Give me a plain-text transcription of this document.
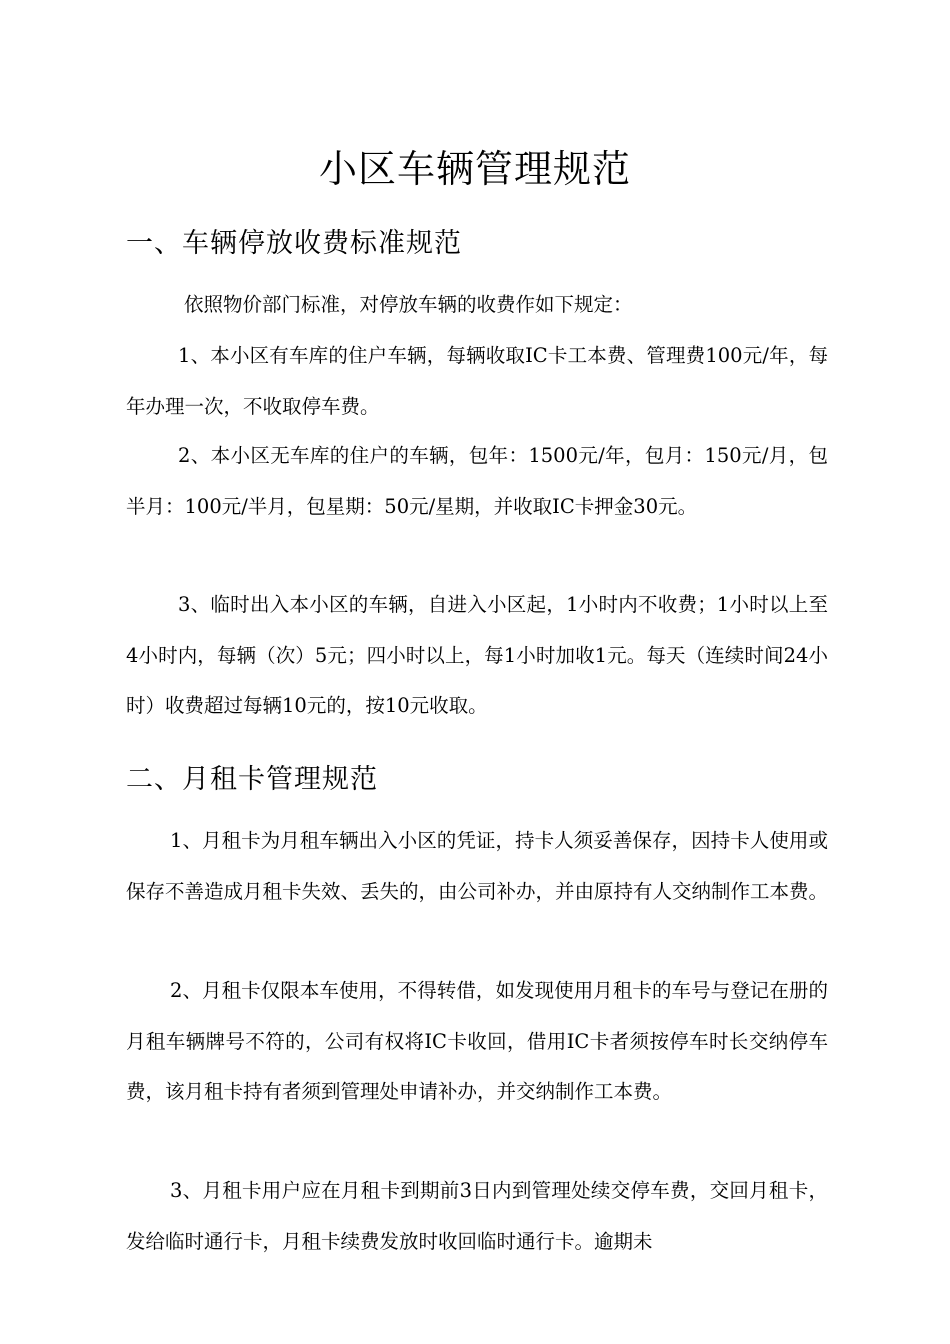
小区车辆管理规范
一、车辆停放收费标准规范

依照物价部门标准，对停放车辆的收费作如下规定：

1、本小区有车库的住户车辆，每辆收取IC卡工本费、管理费100元/年，每年办理一次，不收取停车费。

2、本小区无车库的住户的车辆，包年：1500元/年，包月：150元/月，包半月：100元/半月，包星期：50元/星期，并收取IC卡押金30元。

3、临时出入本小区的车辆，自进入小区起，1小时内不收费；1小时以上至4小时内，每辆（次）5元；四小时以上，每1小时加收1元。每天（连续时间24小时）收费超过每辆10元的，按10元收取。

二、月租卡管理规范

1、月租卡为月租车辆出入小区的凭证，持卡人须妥善保存，因持卡人使用或保存不善造成月租卡失效、丢失的，由公司补办，并由原持有人交纳制作工本费。

2、月租卡仅限本车使用，不得转借，如发现使用月租卡的车号与登记在册的月租车辆牌号不符的，公司有权将IC卡收回，借用IC卡者须按停车时长交纳停车费，该月租卡持有者须到管理处申请补办，并交纳制作工本费。

3、月租卡用户应在月租卡到期前3日内到管理处续交停车费，交回月租卡，发给临时通行卡，月租卡续费发放时收回临时通行卡。逾期未
